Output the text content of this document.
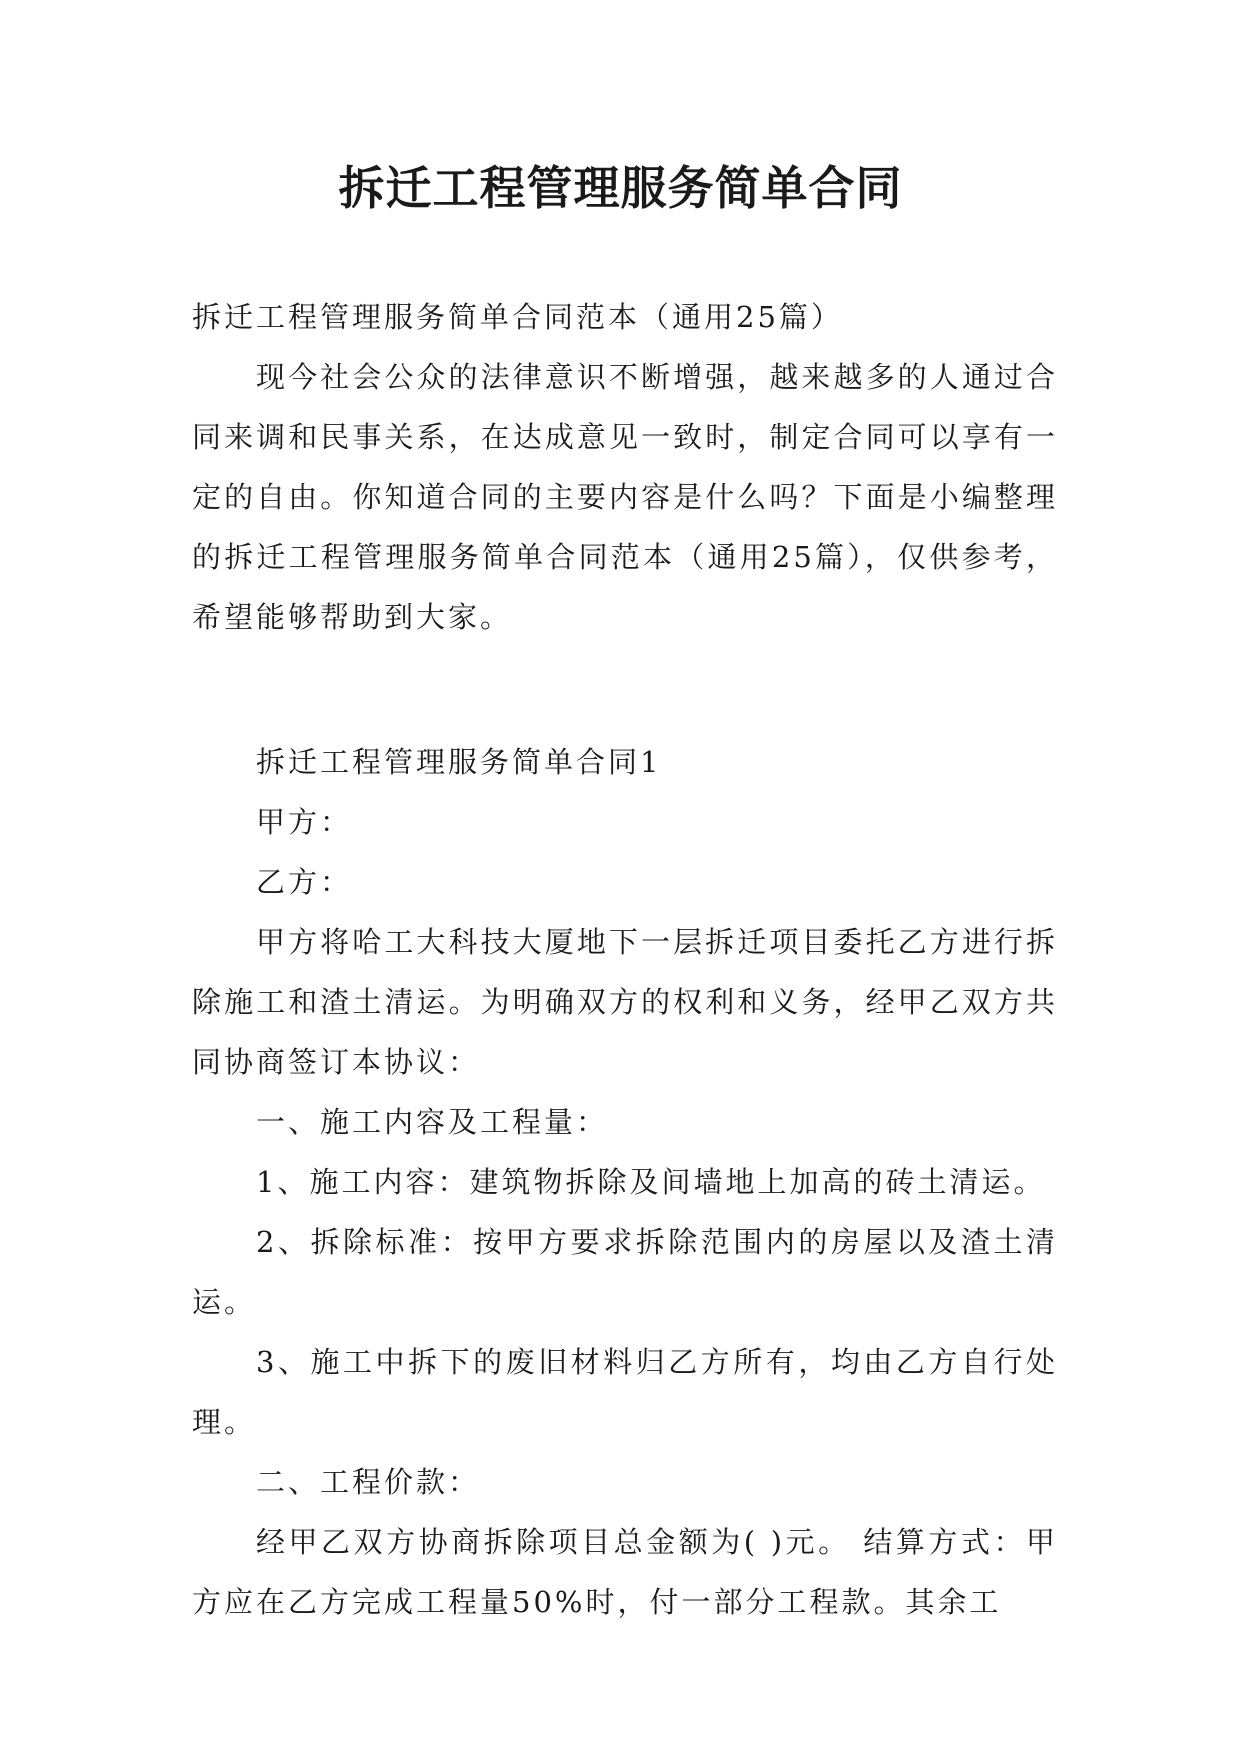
拆迁工程管理服务简单合同

拆迁工程管理服务简单合同范本（通用25篇）

现今社会公众的法律意识不断增强，越来越多的人通过合同来调和民事关系，在达成意见一致时，制定合同可以享有一定的自由。你知道合同的主要内容是什么吗？下面是小编整理的拆迁工程管理服务简单合同范本（通用25篇），仅供参考，希望能够帮助到大家。

拆迁工程管理服务简单合同1

甲方：

乙方：

甲方将哈工大科技大厦地下一层拆迁项目委托乙方进行拆除施工和渣土清运。为明确双方的权利和义务，经甲乙双方共同协商签订本协议：

一、施工内容及工程量：

1、施工内容：建筑物拆除及间墙地上加高的砖土清运。

2、拆除标准：按甲方要求拆除范围内的房屋以及渣土清运。

3、施工中拆下的废旧材料归乙方所有，均由乙方自行处理。

二、工程价款：

经甲乙双方协商拆除项目总金额为( )元。 结算方式：甲方应在乙方完成工程量50%时，付一部分工程款。其余工
